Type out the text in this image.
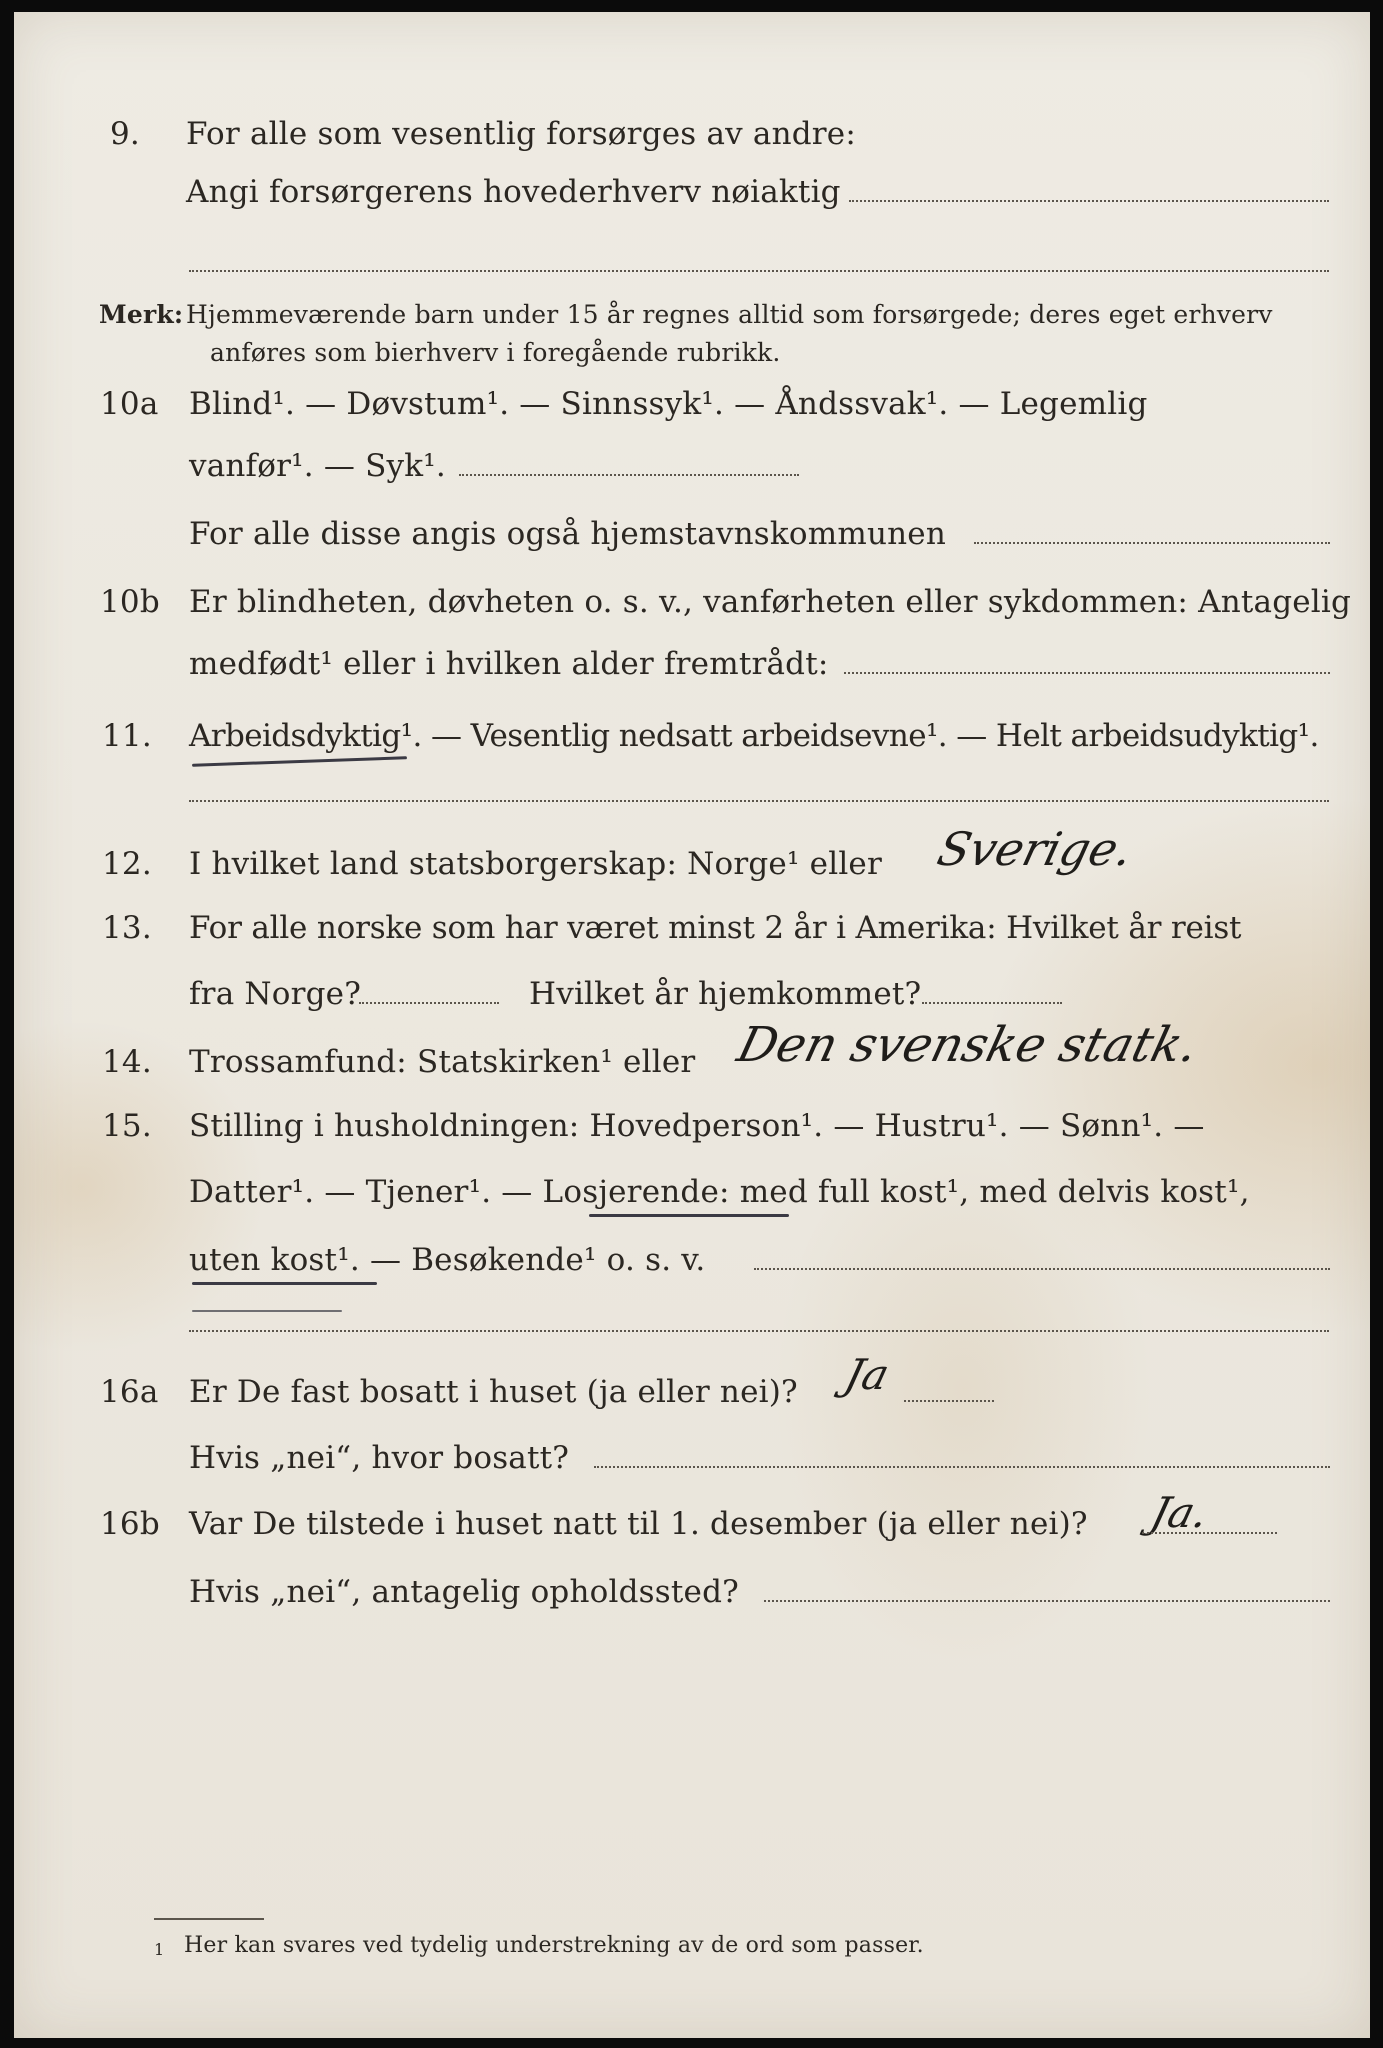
9. For alle som vesentlig forsørges av andre:
Angi forsørgerens hovederhverv nøiaktig
Merk: Hjemmeværende barn under 15 år regnes alltid som forsørgede; deres eget erhverv
anføres som bierhverv i foregående rubrikk.
10a Blind¹. — Døvstum¹. — Sinnssyk¹. — Åndssvak¹. — Legemlig
vanfør¹. — Syk¹.
For alle disse angis også hjemstavnskommunen
10b Er blindheten, døvheten o. s. v., vanførheten eller sykdommen: Antagelig
medfødt¹ eller i hvilken alder fremtrådt:
11. Arbeidsdyktig¹. — Vesentlig nedsatt arbeidsevne¹. — Helt arbeidsudyktig¹.
12. I hvilket land statsborgerskap: Norge¹ eller Sverige.
13. For alle norske som har været minst 2 år i Amerika: Hvilket år reist
fra Norge?	Hvilket år hjemkommet?
14. Trossamfund: Statskirken¹ eller Den svenske statk.
15. Stilling i husholdningen: Hovedperson¹. — Hustru¹. — Sønn¹. —
Datter¹. — Tjener¹. — Losjerende: med full kost¹, med delvis kost¹,
uten kost¹. — Besøkende¹ o. s. v.
16a Er De fast bosatt i huset (ja eller nei)? Ja
Hvis „nei“, hvor bosatt?
16b Var De tilstede i huset natt til 1. desember (ja eller nei)? Ja.
Hvis „nei“, antagelig opholdssted?
1 Her kan svares ved tydelig understrekning av de ord som passer.
